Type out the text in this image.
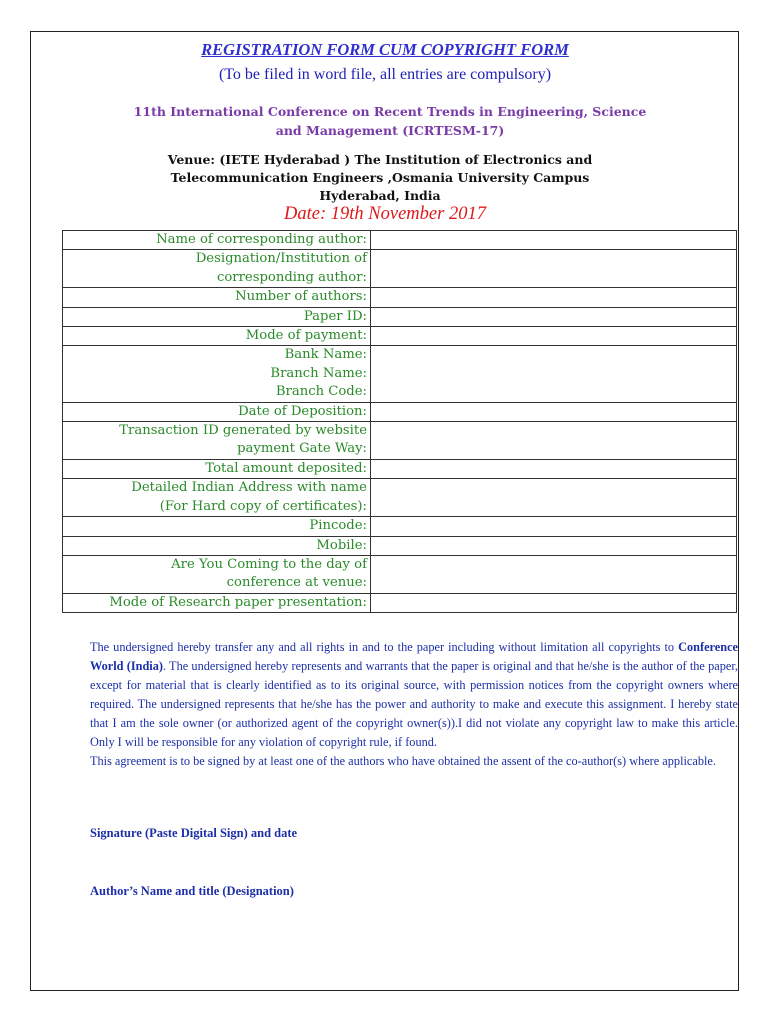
REGISTRATION FORM CUM COPYRIGHT FORM
(To be filed in word file, all entries are compulsory)
11th International Conference on Recent Trends in Engineering, Science
and Management (ICRTESM-17)
Venue: (IETE Hyderabad ) The Institution of Electronics and
Telecommunication Engineers ,Osmania University Campus
Hyderabad, India
Date: 19th November 2017
Name of corresponding author:	

Designation/Institution of
corresponding author:	

Number of authors:	

Paper ID:	

Mode of payment:	

Bank Name:
Branch Name:
Branch Code:	

Date of Deposition:	

Transaction ID generated by website
payment Gate Way:	

Total amount deposited:	

Detailed Indian Address with name
(For Hard copy of certificates):	

Pincode:	

Mobile:	

Are You Coming to the day of
conference at venue:	

Mode of Research paper presentation:	

The undersigned hereby transfer any and all rights in and to the paper including without limitation all copyrights to Conference World (India). The undersigned hereby represents and warrants that the paper is original and that he/she is the author of the paper, except for material that is clearly identified as to its original source, with permission notices from the copyright owners where required. The undersigned represents that he/she has the power and authority to make and execute this assignment. I hereby state that I am the sole owner (or authorized agent of the copyright owner(s)).I did not violate any copyright law to make this article. Only I will be responsible for any violation of copyright rule, if found.

This agreement is to be signed by at least one of the authors who have obtained the assent of the co-author(s) where applicable.

Signature (Paste Digital Sign) and date
Author’s Name and title (Designation)
